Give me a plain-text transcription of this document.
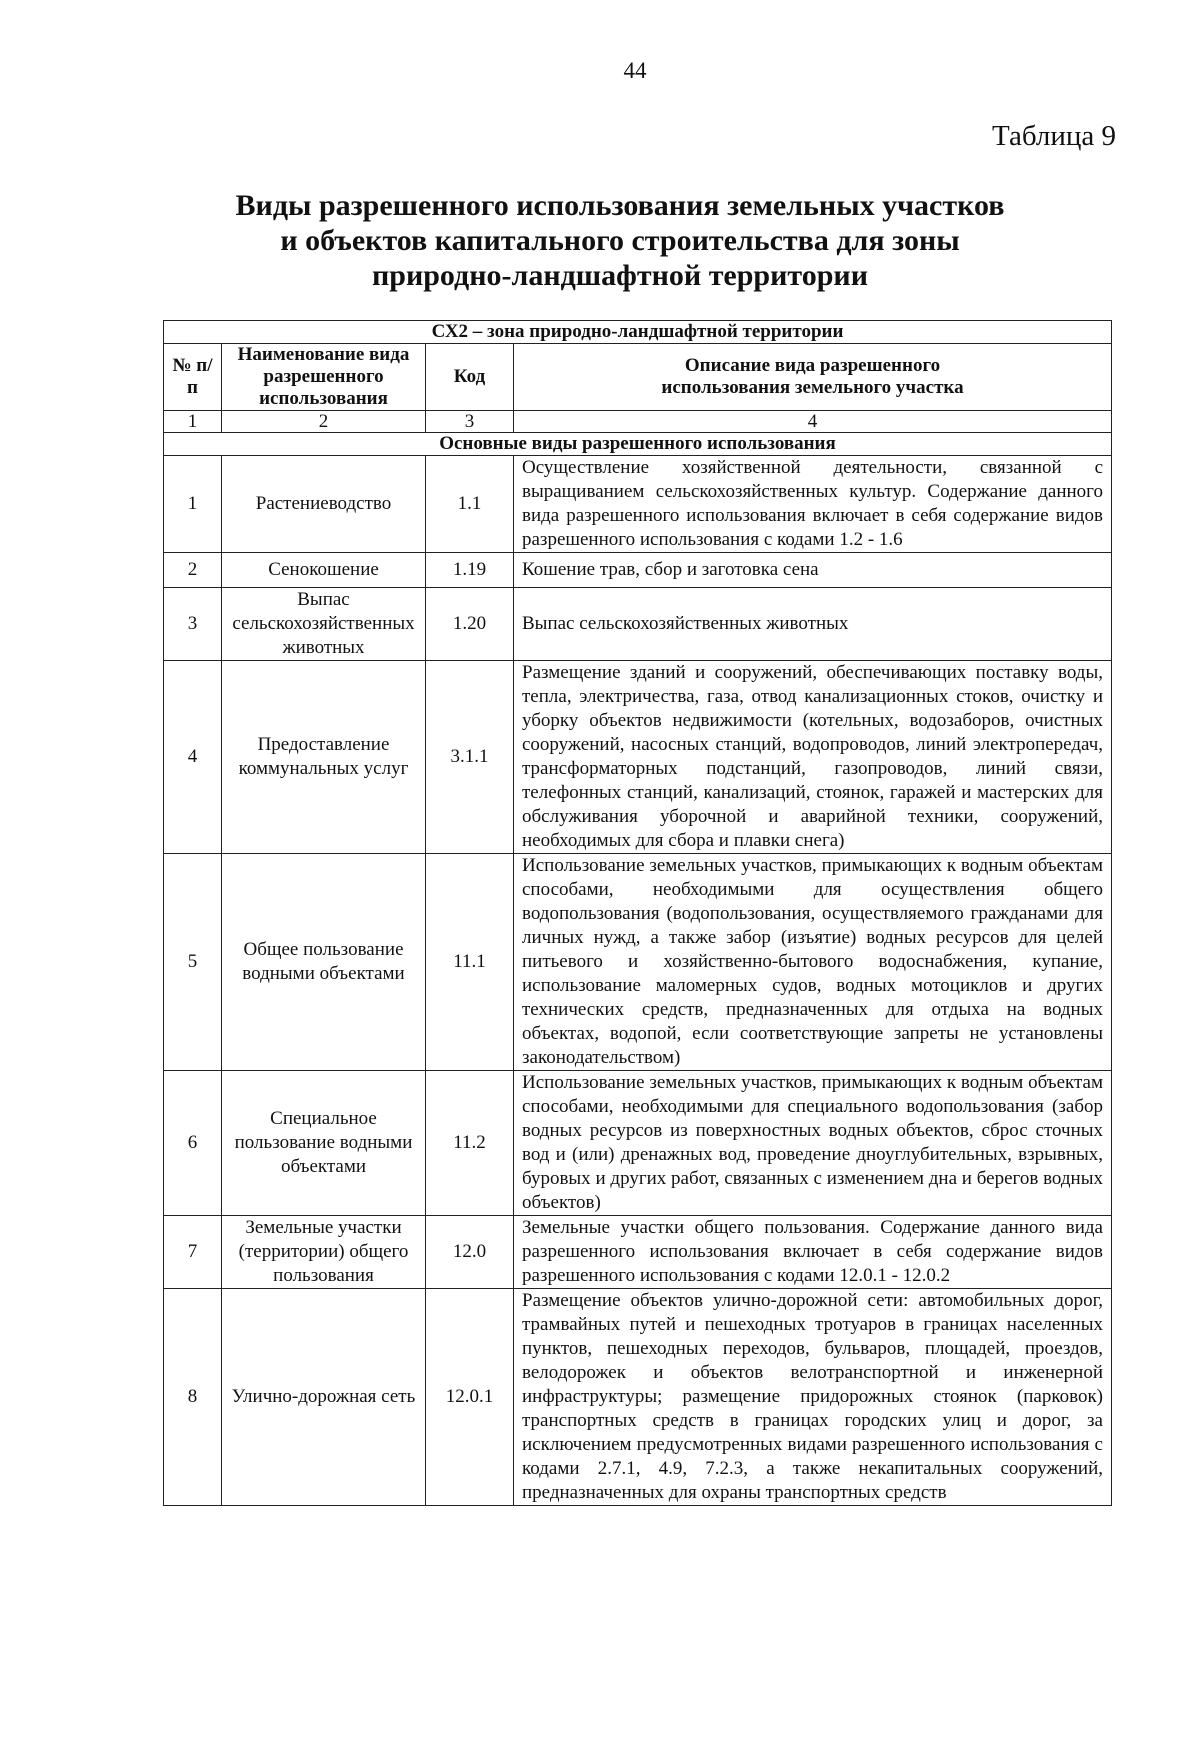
44
Таблица 9
Виды разрешенного использования земельных участков
и объектов капитального строительства для зоны
природно-ландшафтной территории
СХ2 – зона природно-ландшафтной территории			
№ п/п	Наименование вида разрешенного использования	Код	Описание вида разрешенного использования земельного участка
1	2	3	4
Основные виды разрешенного использования			
1	Растениеводство	1.1	Осуществление хозяйственной деятельности, связанной с выращиванием сельскохозяйственных культур. Содержание данного вида разрешенного использования включает в себя содержание видов разрешенного использования с кодами 1.2 - 1.6
2	Сенокошение	1.19	Кошение трав, сбор и заготовка сена
3	Выпас сельскохозяйственных животных	1.20	Выпас сельскохозяйственных животных
4	Предоставление коммунальных услуг	3.1.1	Размещение зданий и сооружений, обеспечивающих поставку воды, тепла, электричества, газа, отвод канализационных стоков, очистку и уборку объектов недвижимости (котельных, водозаборов, очистных сооружений, насосных станций, водопроводов, линий электропередач, трансформаторных подстанций, газопроводов, линий связи, телефонных станций, канализаций, стоянок, гаражей и мастерских для обслуживания уборочной и аварийной техники, сооружений, необходимых для сбора и плавки снега)
5	Общее пользование водными объектами	11.1	Использование земельных участков, примыкающих к водным объектам способами, необходимыми для осуществления общего водопользования (водопользования, осуществляемого гражданами для личных нужд, а также забор (изъятие) водных ресурсов для целей питьевого и хозяйственно-бытового водоснабжения, купание, использование маломерных судов, водных мотоциклов и других технических средств, предназначенных для отдыха на водных объектах, водопой, если соответствующие запреты не установлены законодательством)
6	Специальное пользование водными объектами	11.2	Использование земельных участков, примыкающих к водным объектам способами, необходимыми для специального водопользования (забор водных ресурсов из поверхностных водных объектов, сброс сточных вод и (или) дренажных вод, проведение дноуглубительных, взрывных, буровых и других работ, связанных с изменением дна и берегов водных объектов)
7	Земельные участки (территории) общего пользования	12.0	Земельные участки общего пользования. Содержание данного вида разрешенного использования включает в себя содержание видов разрешенного использования с кодами 12.0.1 - 12.0.2
8	Улично-дорожная сеть	12.0.1	Размещение объектов улично-дорожной сети: автомобильных дорог, трамвайных путей и пешеходных тротуаров в границах населенных пунктов, пешеходных переходов, бульваров, площадей, проездов, велодорожек и объектов велотранспортной и инженерной инфраструктуры; размещение придорожных стоянок (парковок) транспортных средств в границах городских улиц и дорог, за исключением предусмотренных видами разрешенного использования с кодами 2.7.1, 4.9, 7.2.3, а также некапитальных сооружений, предназначенных для охраны транспортных средств
